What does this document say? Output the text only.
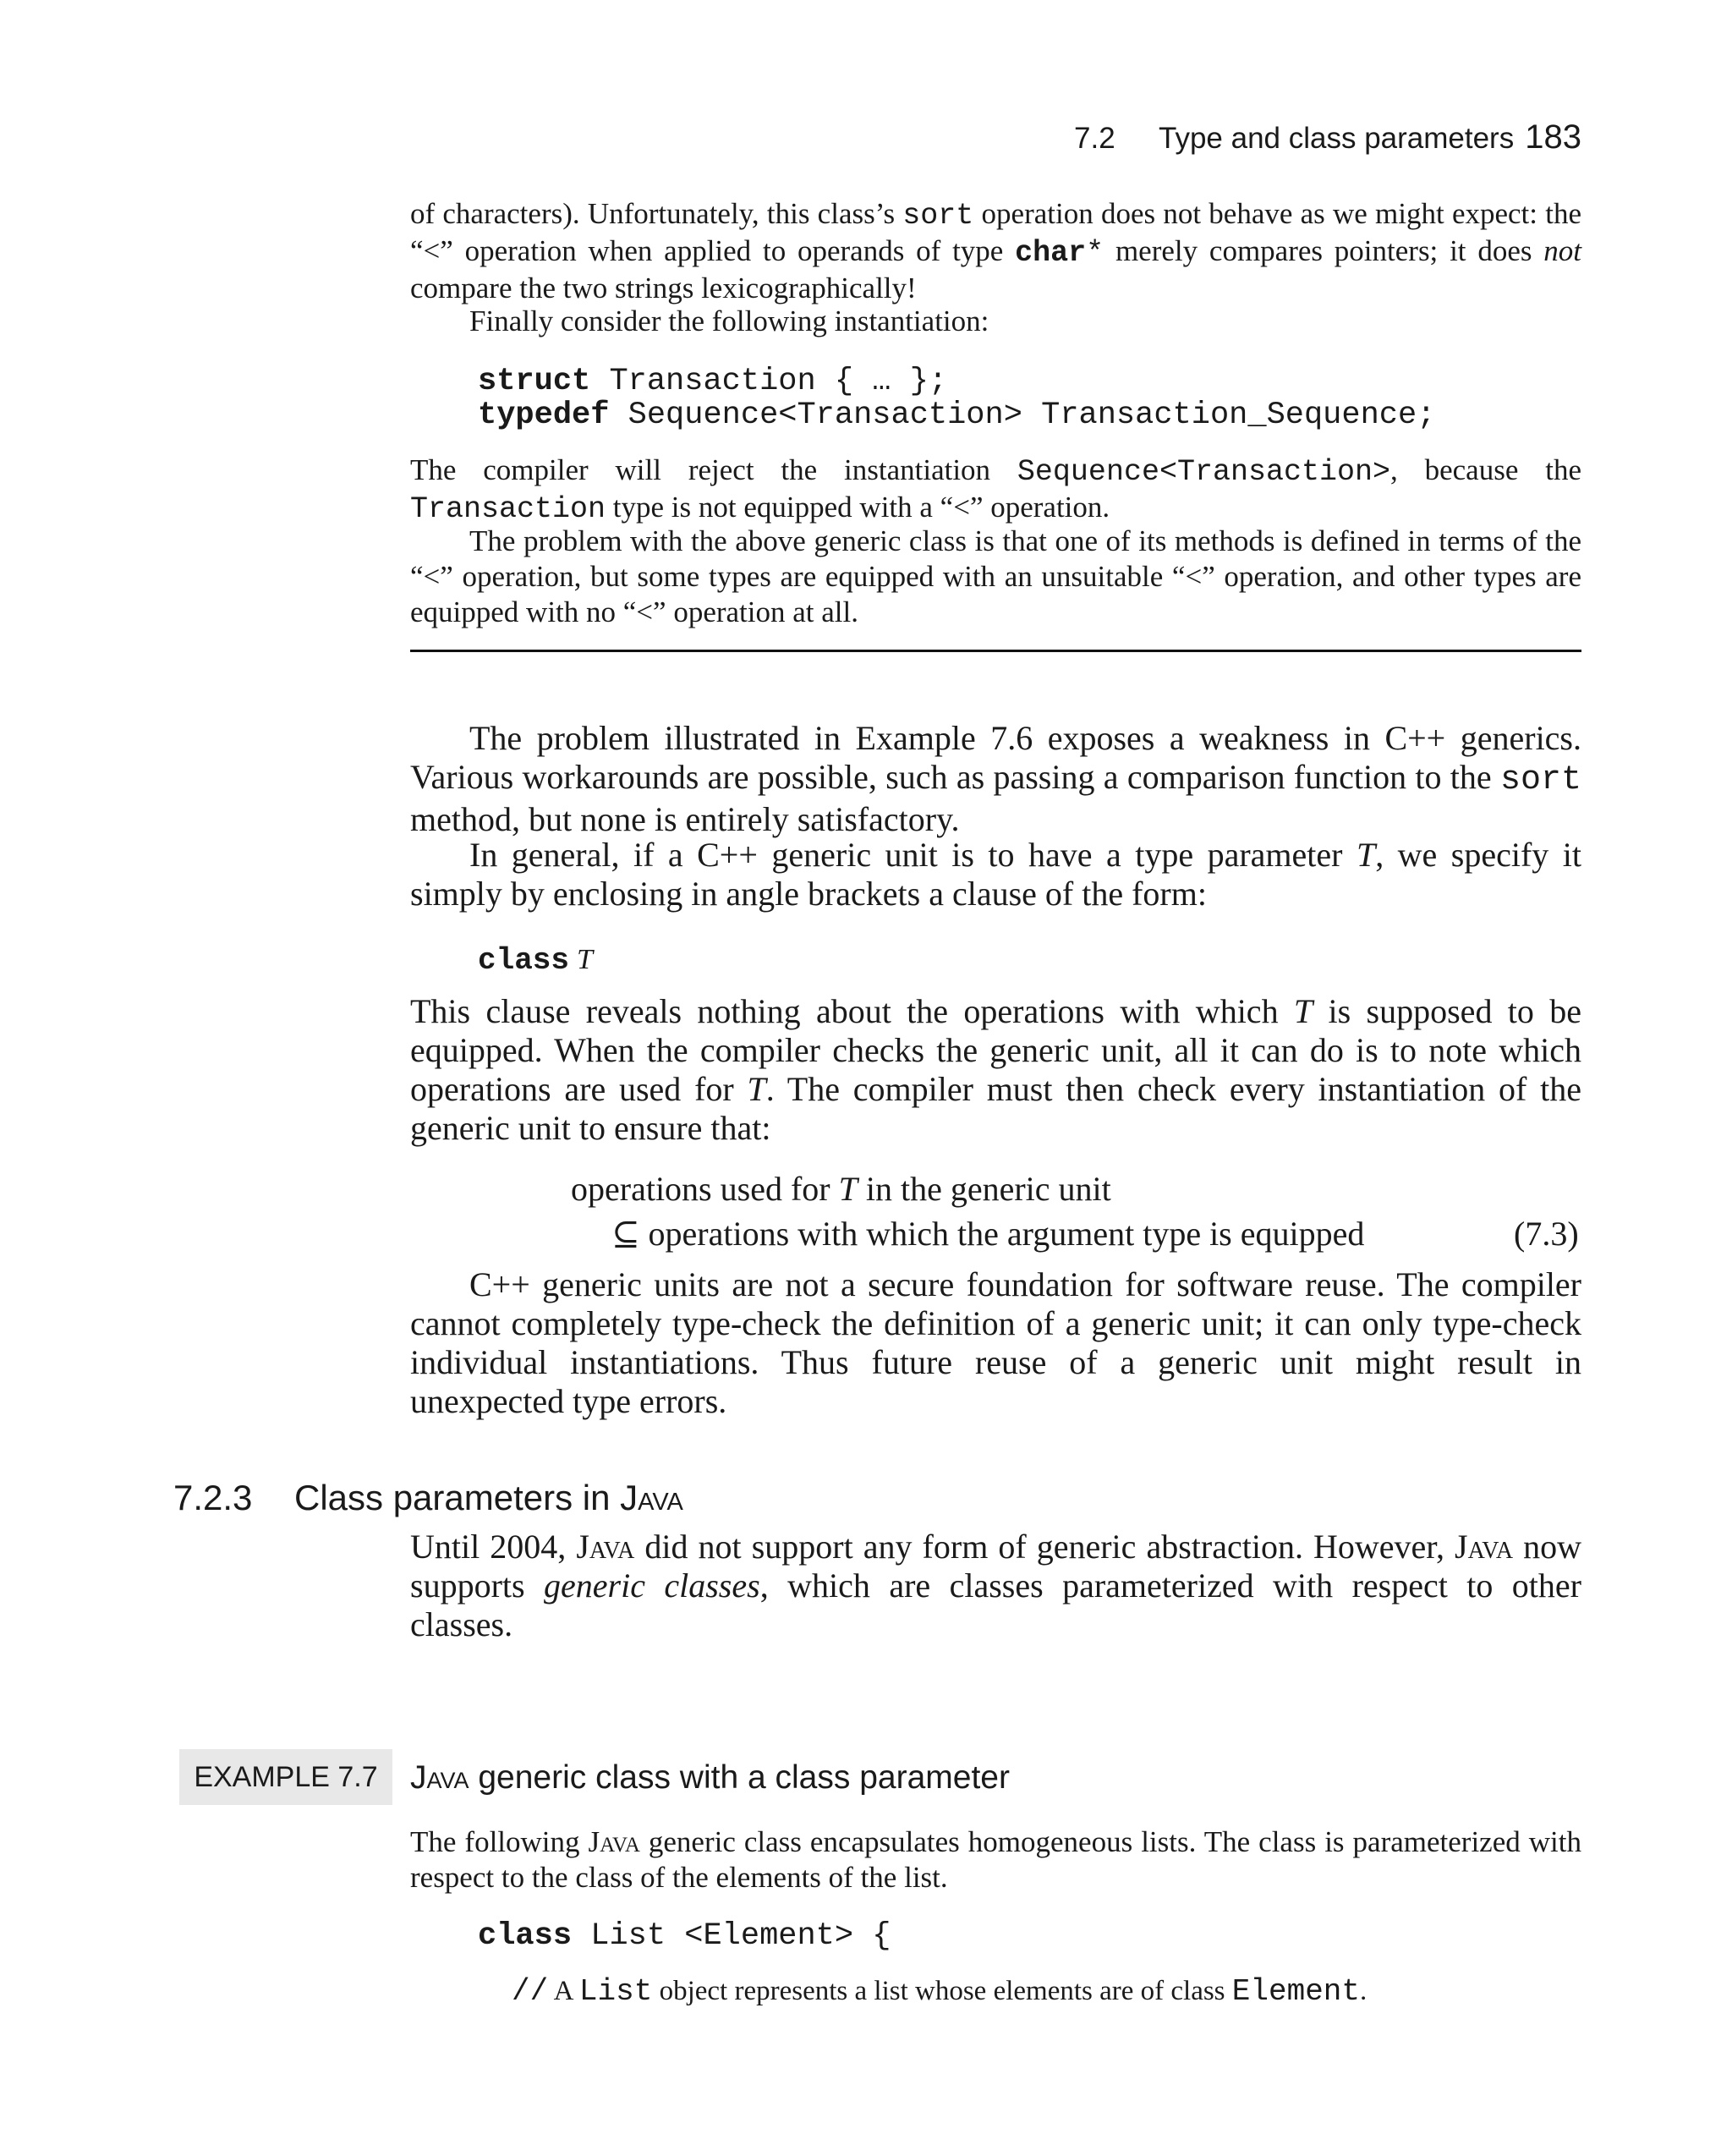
7.2 Type and class parameters 183

of characters). Unfortunately, this class’s sort operation does not behave as we might expect: the “<” operation when applied to operands of type char* merely compares pointers; it does not compare the two strings lexicographically!

Finally consider the following instantiation:

struct Transaction { … };
typedef Sequence<Transaction> Transaction_Sequence;

The compiler will reject the instantiation Sequence<Transaction>, because the Transaction type is not equipped with a “<” operation.

The problem with the above generic class is that one of its methods is defined in terms of the “<” operation, but some types are equipped with an unsuitable “<” operation, and other types are equipped with no “<” operation at all.

The problem illustrated in Example 7.6 exposes a weakness in C++ generics. Various workarounds are possible, such as passing a comparison function to the sort method, but none is entirely satisfactory.

In general, if a C++ generic unit is to have a type parameter T, we specify it simply by enclosing in angle brackets a clause of the form:

class T

This clause reveals nothing about the operations with which T is supposed to be equipped. When the compiler checks the generic unit, all it can do is to note which operations are used for T. The compiler must then check every instantiation of the generic unit to ensure that:

operations used for T in the generic unit
⊆ operations with which the argument type is equipped	(7.3)

C++ generic units are not a secure foundation for software reuse. The compiler cannot completely type-check the definition of a generic unit; it can only type-check individual instantiations. Thus future reuse of a generic unit might result in unexpected type errors.

7.2.3 Class parameters in Java

Until 2004, Java did not support any form of generic abstraction. However, Java now supports generic classes, which are classes parameterized with respect to other classes.

EXAMPLE 7.7 Java generic class with a class parameter

The following Java generic class encapsulates homogeneous lists. The class is parameterized with respect to the class of the elements of the list.

class List <Element> {
// A List object represents a list whose elements are of class Element.
